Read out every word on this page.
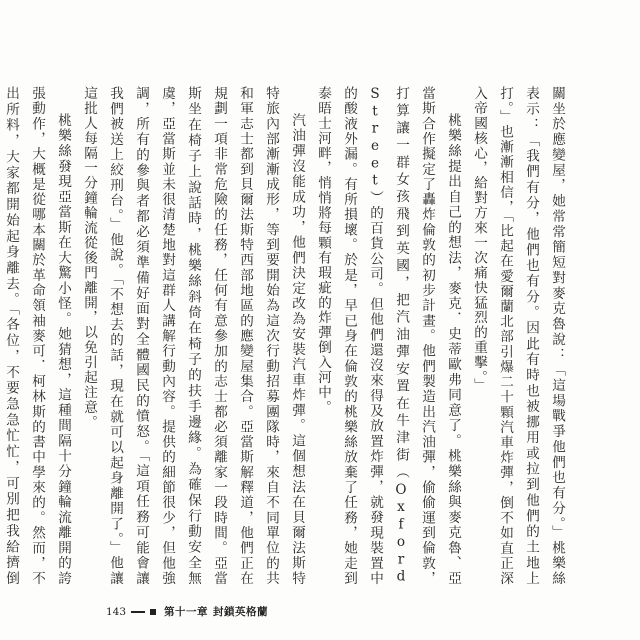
關坐於應變屋，她常常簡短對麥克魯說：「這場戰爭他們也有分。」桃樂絲表示：「我們有分，他們也有分。因此有時也被挪用或拉到他們的土地上打。」也漸漸相信，「比起在愛爾蘭北部引爆二十顆汽車炸彈，倒不如直正深入帝國核心，給對方來一次痛快猛烈的重擊。」

桃樂絲提出自己的想法，麥克．史蒂歐弗同意了。桃樂絲與麥克魯、亞當斯合作擬定了轟炸倫敦的初步計畫。他們製造出汽油彈，偷偷運到倫敦，打算讓一群女孩飛到英國，把汽油彈安置在牛津街（Oxford Street）的百貨公司。但他們還沒來得及放置炸彈，就發現裝置中的酸液外漏。有所損壞。於是，早已身在倫敦的桃樂絲放棄了任務，她走到泰晤士河畔，悄悄將每顆有瑕疵的炸彈倒入河中。

汽油彈沒能成功，他們決定改為安裝汽車炸彈。這個想法在貝爾法斯特特旅內部漸漸成形，等到要開始為這次行動招募團隊時，來自不同單位的共和軍志士都到貝爾法斯特西部地區的應變屋集合。亞當斯解釋道，他們正在規劃一項非常危險的任務，任何有意參加的志士都必須離家一段時間。亞當斯坐在椅子上說話時，桃樂絲斜倚在椅子的扶手邊緣。為確保行動安全無虞，亞當斯並未很清楚地對這群人講解行動內容。提供的細節很少，但他強調，所有的參與者都必須準備好面對全體國民的憤怒。「這項任務可能會讓我們被送上絞刑台。」他說。「不想去的話，現在就可以起身離開了。」他讓這批人每隔一分鐘輪流從後門離開，以免引起注意。

桃樂絲發現亞當斯在大驚小怪。她猜想，這種間隔十分鐘輪流離開的誇張動作，大概是從哪本關於革命領袖麥可．柯林斯的書中學來的。然而，不出所料，大家都開始起身離去。「各位，不要急急忙忙，可別把我給擠倒

143	第十一章 封鎖英格蘭
